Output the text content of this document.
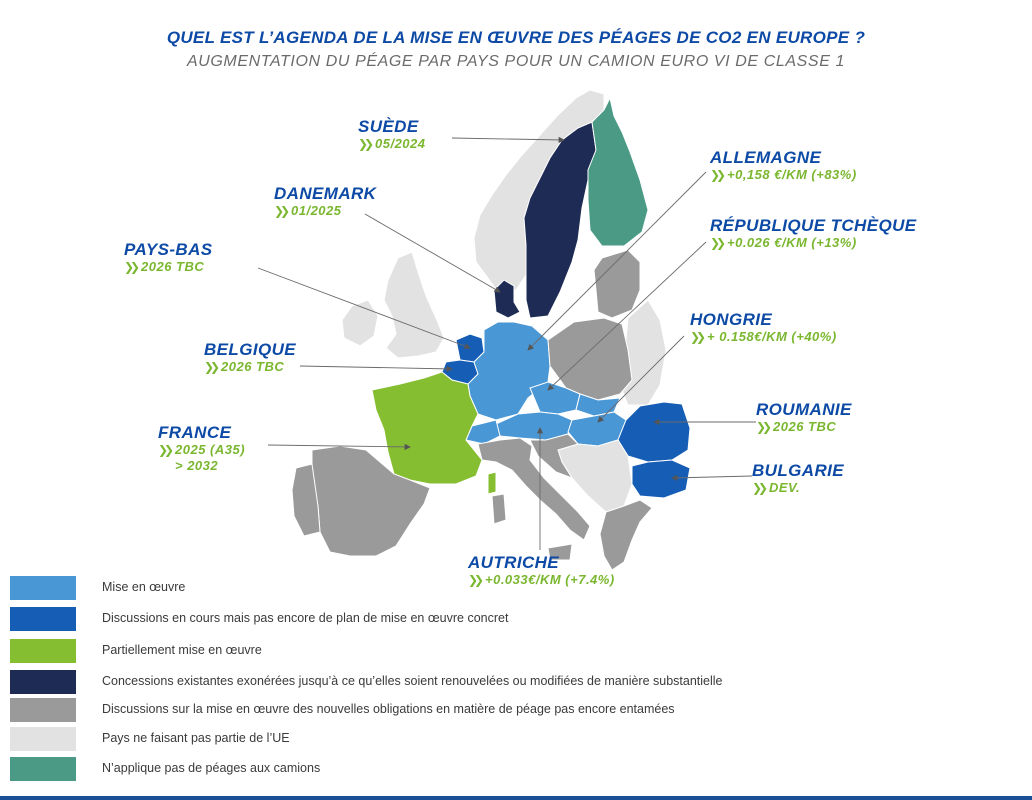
QUEL EST L’AGENDA DE LA MISE EN ŒUVRE DES PÉAGES DE CO2 EN EUROPE ?
AUGMENTATION DU PÉAGE PAR PAYS POUR UN CAMION EURO VI DE CLASSE 1
SUÈDE
❯❯ 05/2024
DANEMARK
❯❯ 01/2025
PAYS-BAS
❯❯ 2026 TBC
BELGIQUE
❯❯ 2026 TBC
FRANCE
❯❯ 2025 (A35)
> 2032
ALLEMAGNE
❯❯ +0,158 €/KM (+83%)
RÉPUBLIQUE TCHÈQUE
❯❯ +0.026 €/KM (+13%)
HONGRIE
❯❯ + 0.158€/KM (+40%)
ROUMANIE
❯❯ 2026 TBC
BULGARIE
❯❯ DEV.
AUTRICHE
❯❯ +0.033€/KM (+7.4%)
Mise en œuvre
Discussions en cours mais pas encore de plan de mise en œuvre concret
Partiellement mise en œuvre
Concessions existantes exonérées jusqu’à ce qu’elles soient renouvelées ou modifiées de manière substantielle
Discussions sur la mise en œuvre des nouvelles obligations en matière de péage pas encore entamées
Pays ne faisant pas partie de l’UE
N’applique pas de péages aux camions
